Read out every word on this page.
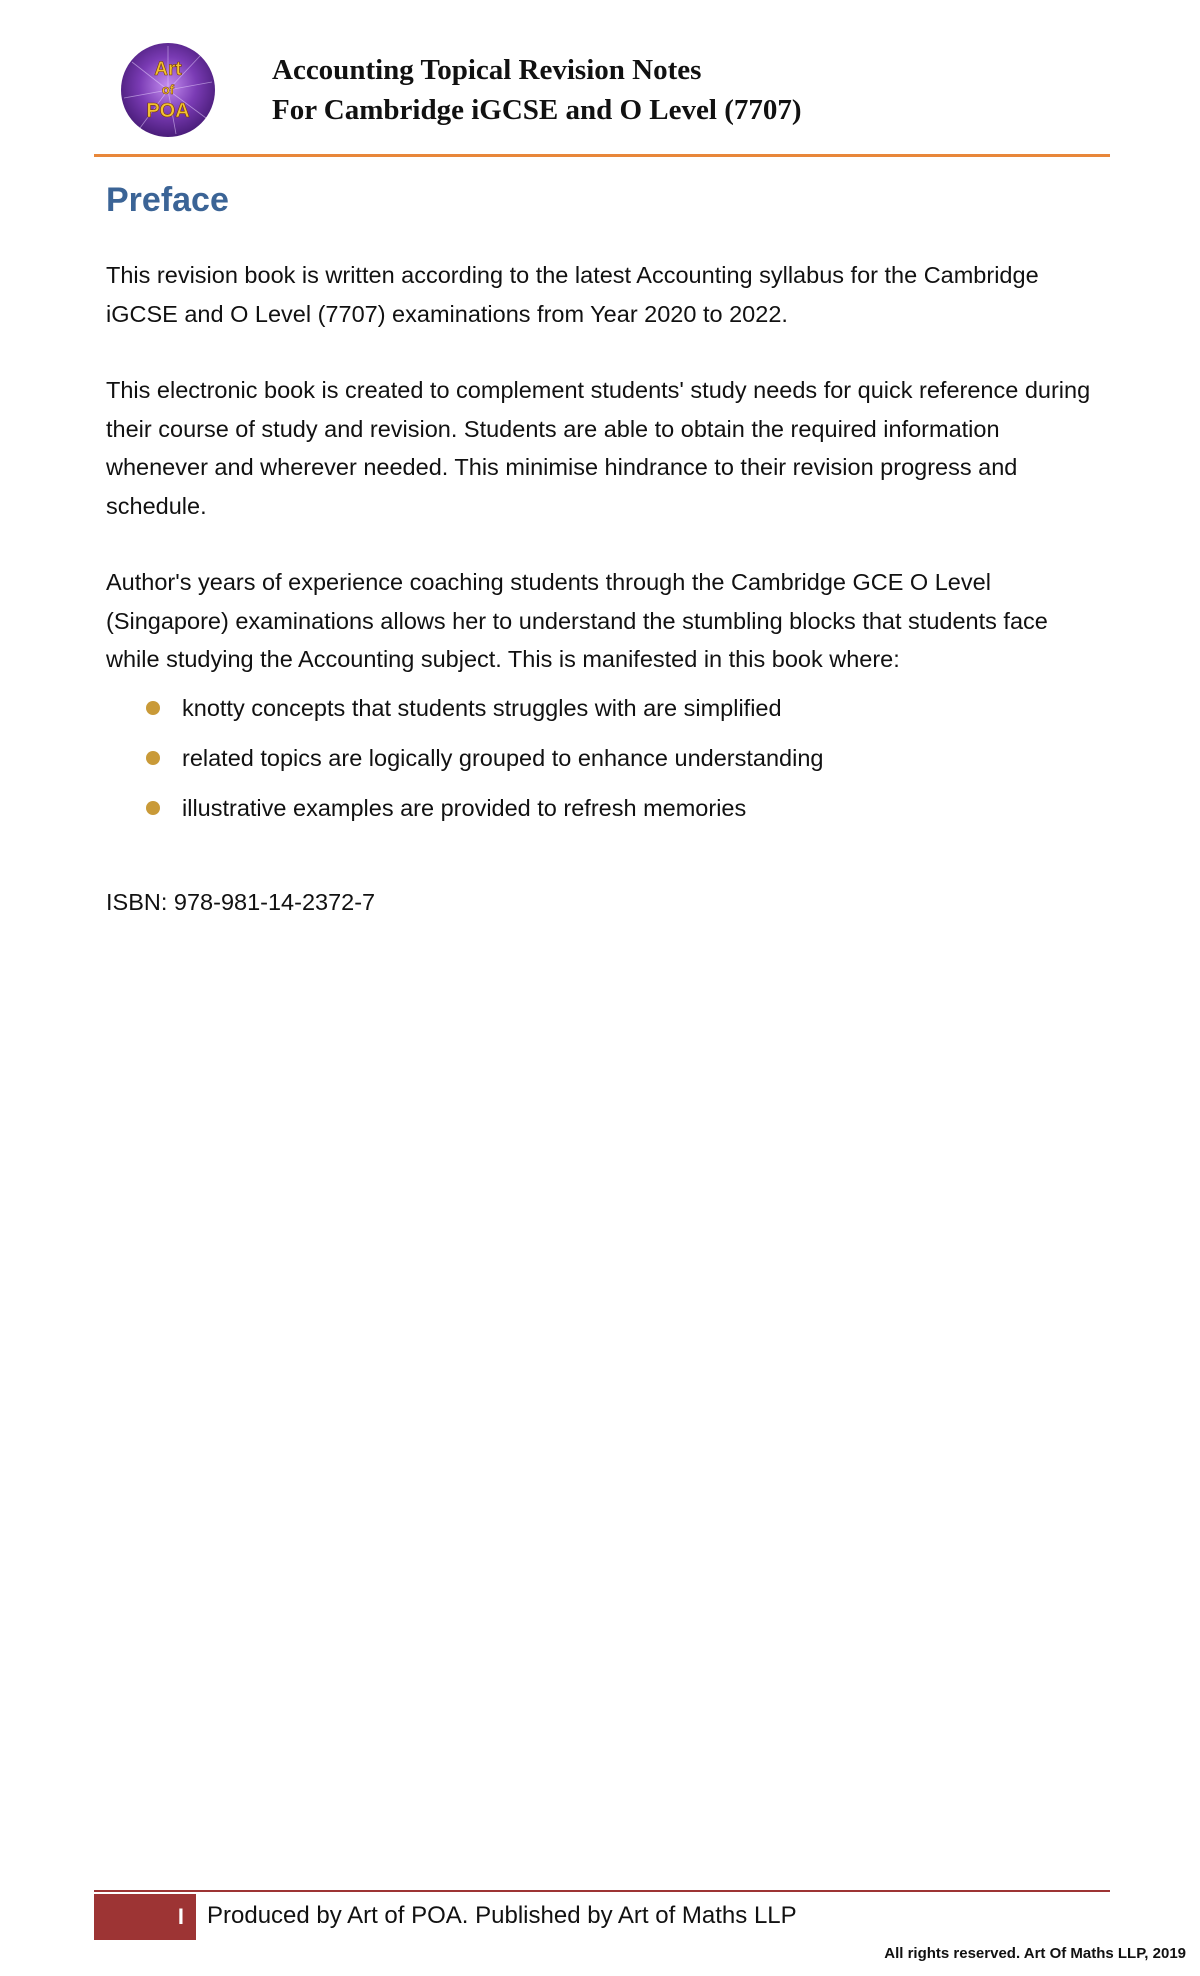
Art
of
POA
Accounting Topical Revision Notes
For Cambridge iGCSE and O Level (7707)
Preface

This revision book is written according to the latest Accounting syllabus for the Cambridge iGCSE and O Level (7707) examinations from Year 2020 to 2022.

This electronic book is created to complement students' study needs for quick reference during their course of study and revision. Students are able to obtain the required information whenever and wherever needed. This minimise hindrance to their revision progress and schedule.

Author's years of experience coaching students through the Cambridge GCE O Level (Singapore) examinations allows her to understand the stumbling blocks that students face while studying the Accounting subject. This is manifested in this book where:

knotty concepts that students struggles with are simplified
related topics are logically grouped to enhance understanding
illustrative examples are provided to refresh memories
ISBN: 978-981-14-2372-7
I Produced by Art of POA. Published by Art of Maths LLP
All rights reserved. Art Of Maths LLP, 2019
